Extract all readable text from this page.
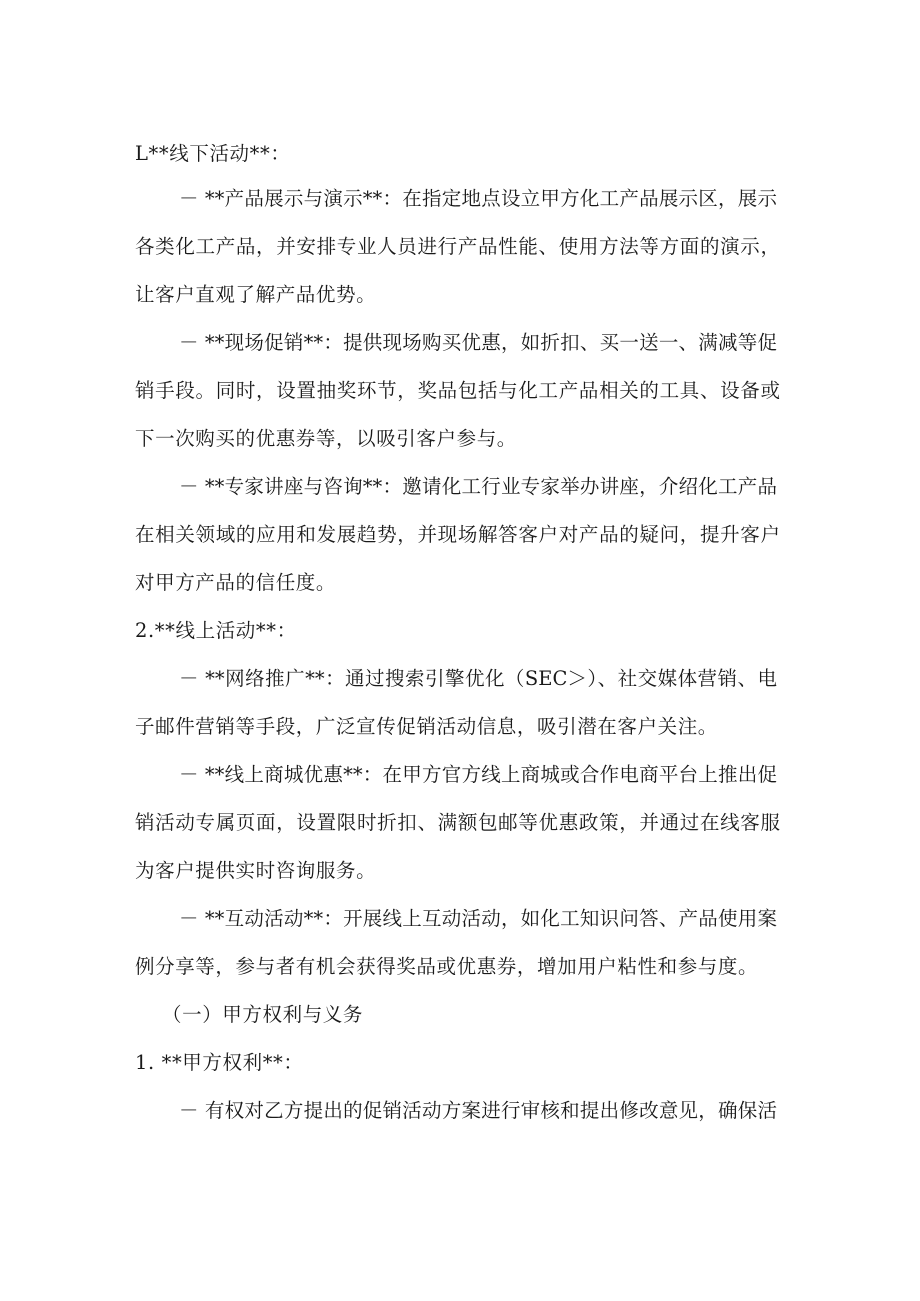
L**线下活动**：
－ **产品展示与演示**：在指定地点设立甲方化工产品展示区，展示
各类化工产品，并安排专业人员进行产品性能、使用方法等方面的演示，
让客户直观了解产品优势。
－ **现场促销**：提供现场购买优惠，如折扣、买一送一、满减等促
销手段。同时，设置抽奖环节，奖品包括与化工产品相关的工具、设备或
下一次购买的优惠券等，以吸引客户参与。
－ **专家讲座与咨询**：邀请化工行业专家举办讲座，介绍化工产品
在相关领域的应用和发展趋势，并现场解答客户对产品的疑问，提升客户
对甲方产品的信任度。
2.**线上活动**：
－ **网络推广**：通过搜索引擎优化（SEC＞）、社交媒体营销、电
子邮件营销等手段，广泛宣传促销活动信息，吸引潜在客户关注。
－ **线上商城优惠**：在甲方官方线上商城或合作电商平台上推出促
销活动专属页面，设置限时折扣、满额包邮等优惠政策，并通过在线客服
为客户提供实时咨询服务。
－ **互动活动**：开展线上互动活动，如化工知识问答、产品使用案
例分享等，参与者有机会获得奖品或优惠券，增加用户粘性和参与度。
（一）甲方权利与义务
1. **甲方权利**：
－ 有权对乙方提出的促销活动方案进行审核和提出修改意见，确保活
